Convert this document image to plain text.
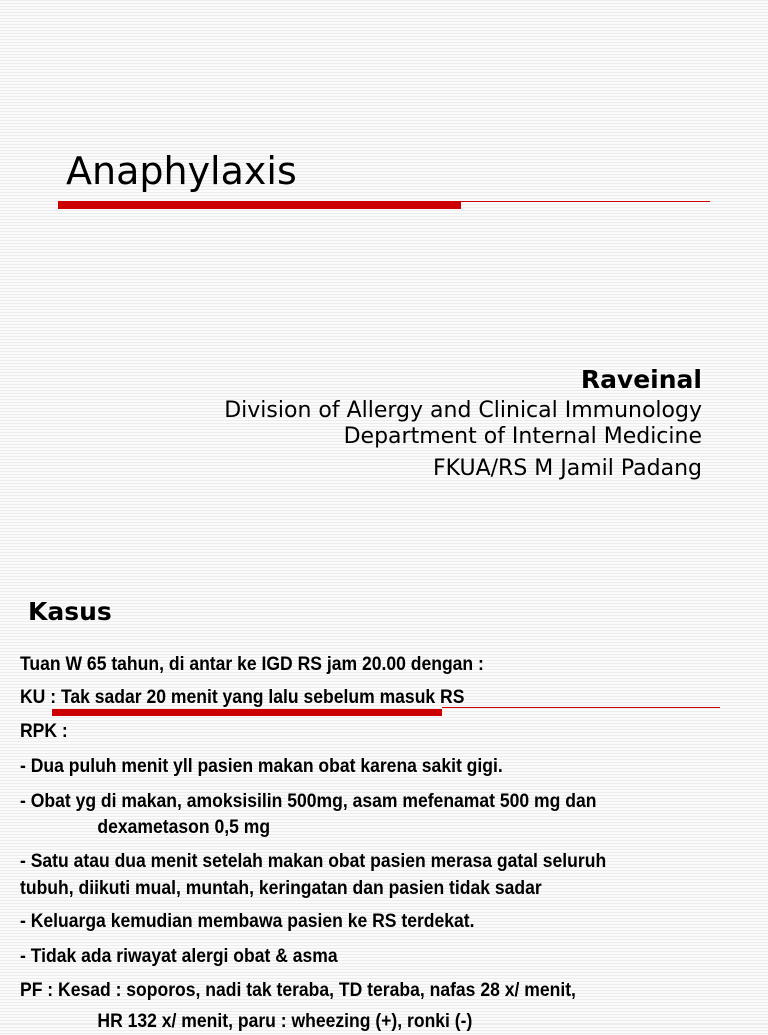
Anaphylaxis
Raveinal
Division of Allergy and Clinical Immunology
Department of Internal Medicine
FKUA/RS M Jamil Padang
Kasus
Tuan W 65 tahun, di antar ke IGD RS jam 20.00 dengan :
KU : Tak sadar 20 menit yang lalu sebelum masuk RS
RPK :
- Dua puluh menit yll pasien makan obat karena sakit gigi.
- Obat yg di makan, amoksisilin 500mg, asam mefenamat 500 mg dan
dexametason 0,5 mg
- Satu atau dua menit setelah makan obat pasien merasa gatal seluruh
tubuh, diikuti mual, muntah, keringatan dan pasien tidak sadar
- Keluarga kemudian membawa pasien ke RS terdekat.
- Tidak ada riwayat alergi obat & asma
PF : Kesad : soporos, nadi tak teraba, TD teraba, nafas 28 x/ menit,
HR 132 x/ menit, paru : wheezing (+), ronki (-)
